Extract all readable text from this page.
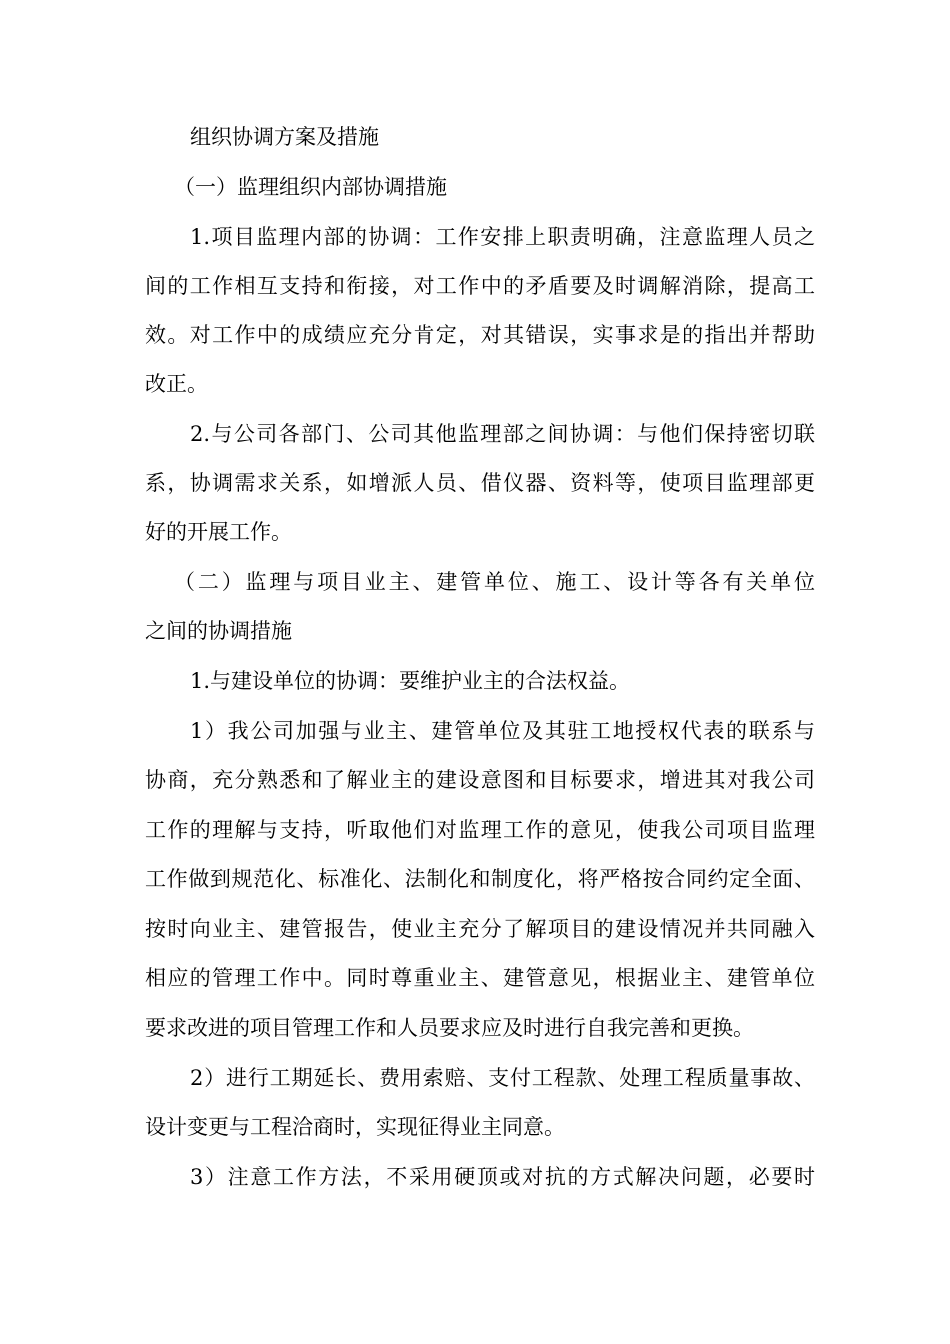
组织协调方案及措施
（一）监理组织内部协调措施
1.项目监理内部的协调：工作安排上职责明确，注意监理人员之
间的工作相互支持和衔接，对工作中的矛盾要及时调解消除，提高工
效。对工作中的成绩应充分肯定，对其错误，实事求是的指出并帮助
改正。
2.与公司各部门、公司其他监理部之间协调：与他们保持密切联
系，协调需求关系，如增派人员、借仪器、资料等，使项目监理部更
好的开展工作。
（二）监理与项目业主、建管单位、施工、设计等各有关单位
之间的协调措施
1.与建设单位的协调：要维护业主的合法权益。
1）我公司加强与业主、建管单位及其驻工地授权代表的联系与
协商，充分熟悉和了解业主的建设意图和目标要求，增进其对我公司
工作的理解与支持，听取他们对监理工作的意见，使我公司项目监理
工作做到规范化、标准化、法制化和制度化，将严格按合同约定全面、
按时向业主、建管报告，使业主充分了解项目的建设情况并共同融入
相应的管理工作中。同时尊重业主、建管意见，根据业主、建管单位
要求改进的项目管理工作和人员要求应及时进行自我完善和更换。
2）进行工期延长、费用索赔、支付工程款、处理工程质量事故、
设计变更与工程洽商时，实现征得业主同意。
3）注意工作方法，不采用硬顶或对抗的方式解决问题，必要时
